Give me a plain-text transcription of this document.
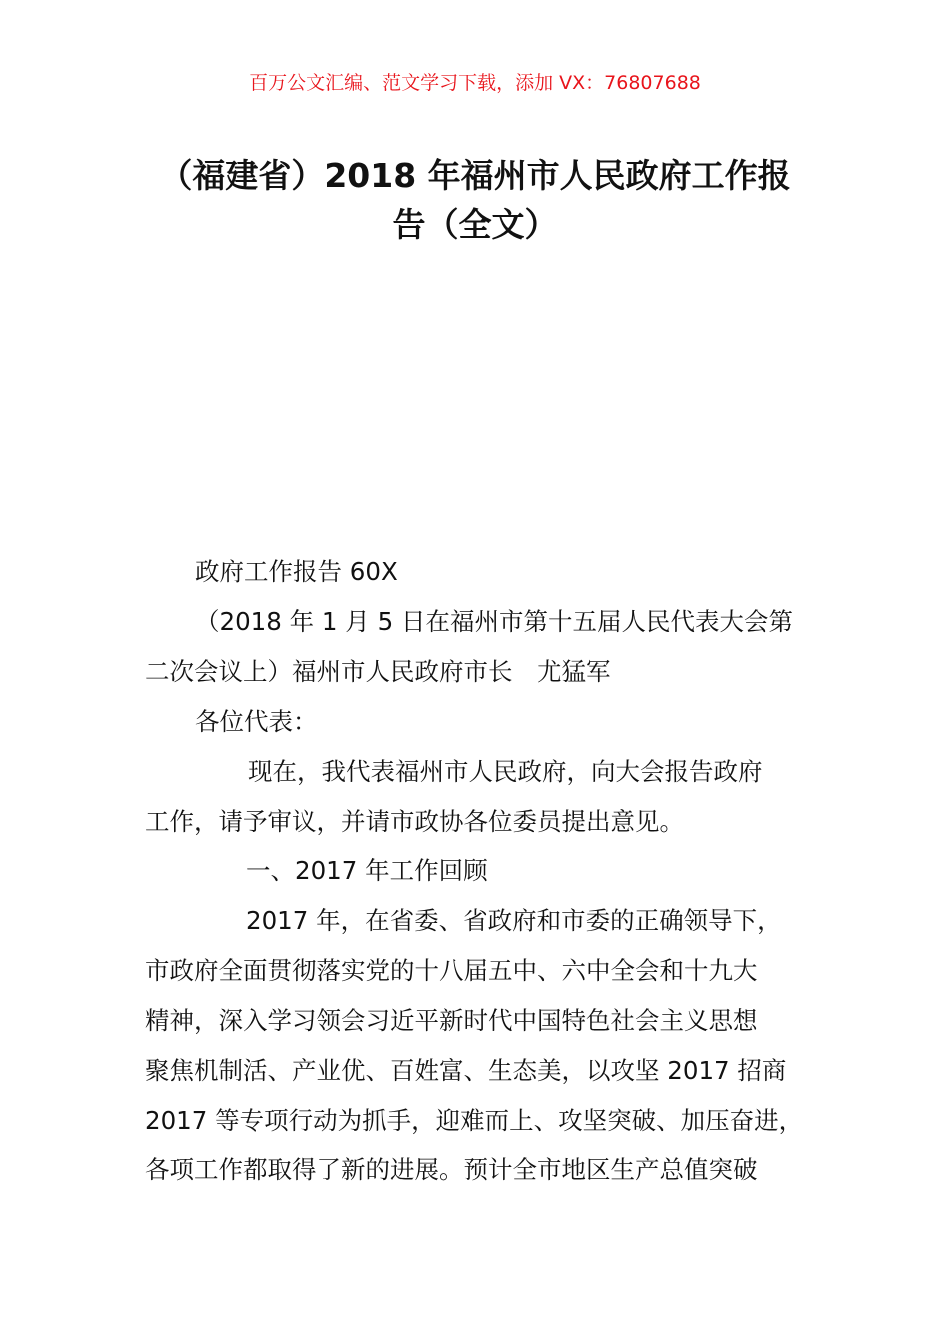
百万公文汇编、范文学习下载，添加 VX：76807688
（福建省）2018 年福州市人民政府工作报
告（全文）
政府工作报告 60X
（2018 年 1 月 5 日在福州市第十五届人民代表大会第
二次会议上）福州市人民政府市长　尤猛军
各位代表：
现在，我代表福州市人民政府，向大会报告政府
工作，请予审议，并请市政协各位委员提出意见。
一、2017 年工作回顾
2017 年，在省委、省政府和市委的正确领导下，
市政府全面贯彻落实党的十八届五中、六中全会和十九大
精神，深入学习领会习近平新时代中国特色社会主义思想
聚焦机制活、产业优、百姓富、生态美，以攻坚 2017 招商
2017 等专项行动为抓手，迎难而上、攻坚突破、加压奋进，
各项工作都取得了新的进展。预计全市地区生产总值突破
